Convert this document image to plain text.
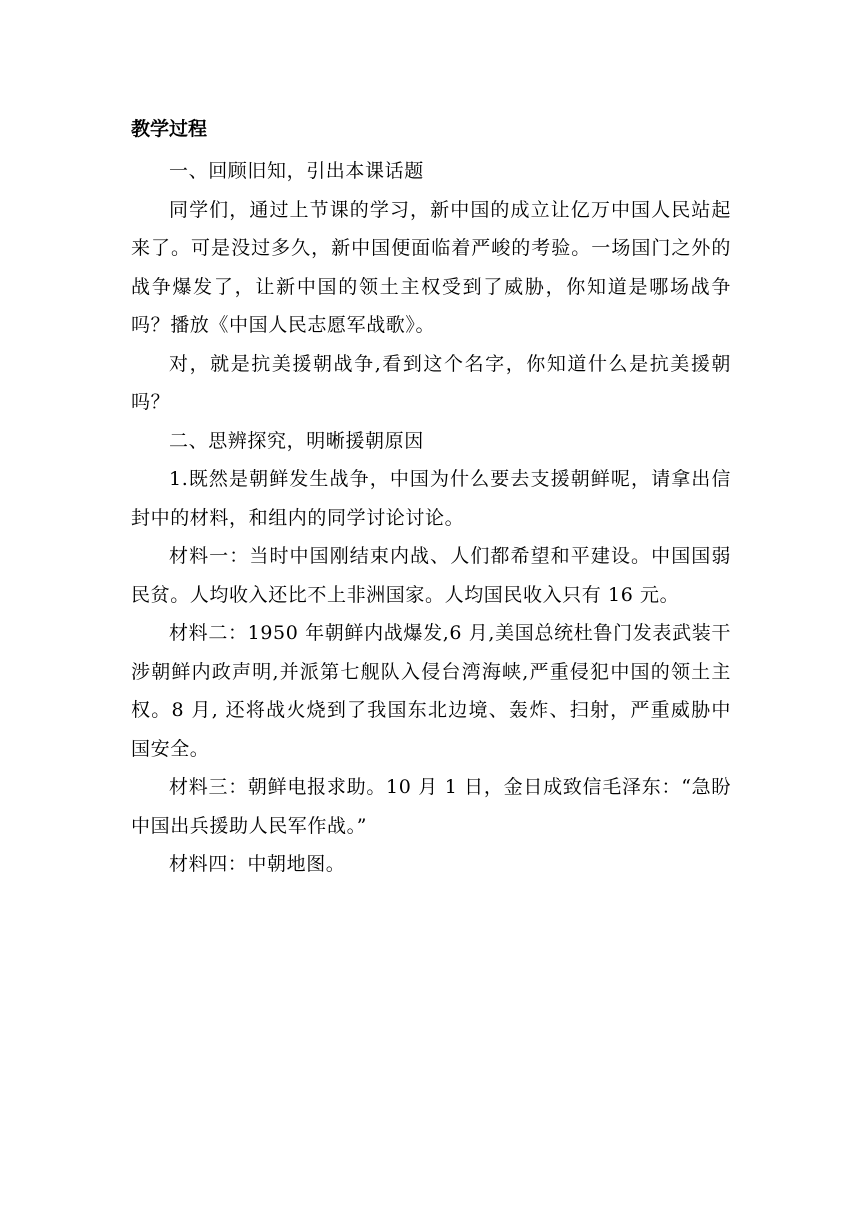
教学过程

一、回顾旧知，引出本课话题

同学们，通过上节课的学习，新中国的成立让亿万中国人民站起来了。可是没过多久，新中国便面临着严峻的考验。一场国门之外的战争爆发了，让新中国的领土主权受到了威胁，你知道是哪场战争吗？播放《中国人民志愿军战歌》。

对，就是抗美援朝战争,看到这个名字，你知道什么是抗美援朝吗？

二、思辨探究，明晰援朝原因

1.既然是朝鲜发生战争，中国为什么要去支援朝鲜呢，请拿出信封中的材料，和组内的同学讨论讨论。

材料一：当时中国刚结束内战、人们都希望和平建设。中国国弱民贫。人均收入还比不上非洲国家。人均国民收入只有 16 元。

材料二：1950 年朝鲜内战爆发,6 月,美国总统杜鲁门发表武装干涉朝鲜内政声明,并派第七舰队入侵台湾海峡,严重侵犯中国的领土主权。8 月, 还将战火烧到了我国东北边境、轰炸、扫射，严重威胁中国安全。

材料三：朝鲜电报求助。10 月 1 日，金日成致信毛泽东：“急盼中国出兵援助人民军作战。”

材料四：中朝地图。
